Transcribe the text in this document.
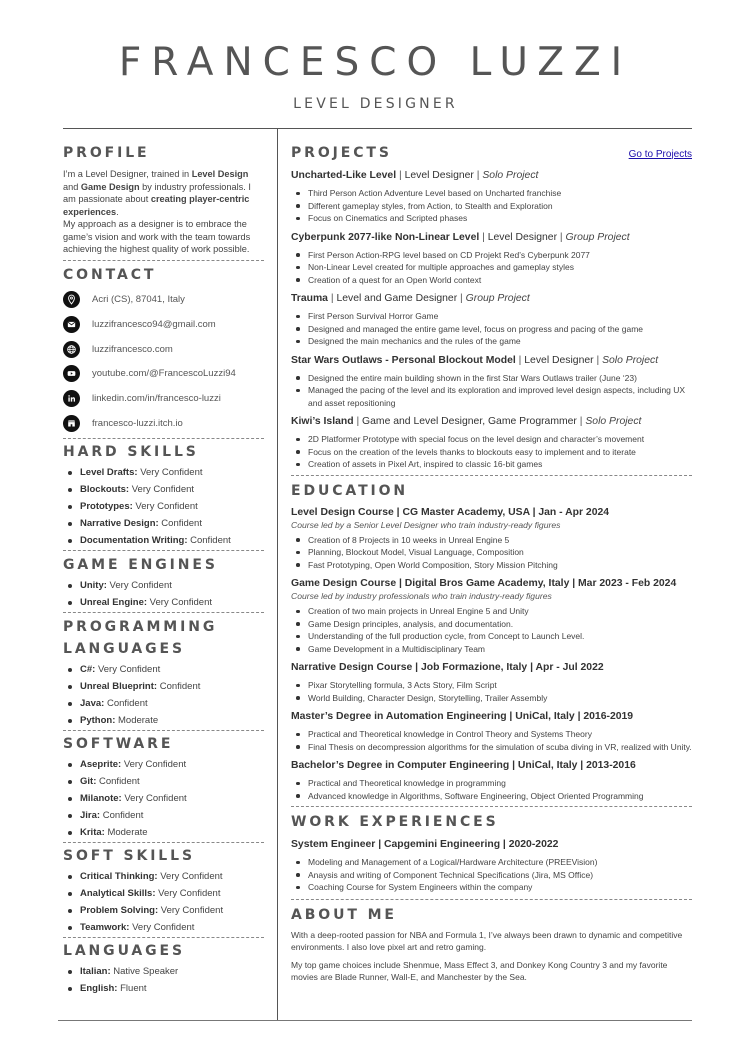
FRANCESCO LUZZI
LEVEL DESIGNER
PROFILE

I’m a Level Designer, trained in Level Design and Game Design by industry professionals. I am passionate about creating player-centric experiences.

My approach as a designer is to embrace the game’s vision and work with the team towards achieving the highest quality of work possible.

CONTACT
Acri (CS), 87041, Italy
luzzifrancesco94@gmail.com
luzzifrancesco.com
youtube.com/@FrancescoLuzzi94
linkedin.com/in/francesco-luzzi
francesco-luzzi.itch.io
HARD SKILLS
Level Drafts: Very Confident
Blockouts: Very Confident
Prototypes: Very Confident
Narrative Design: Confident
Documentation Writing: Confident
GAME ENGINES
Unity: Very Confident
Unreal Engine: Very Confident
PROGRAMMING
LANGUAGES
C#: Very Confident
Unreal Blueprint: Confident
Java: Confident
Python: Moderate
SOFTWARE
Aseprite: Very Confident
Git: Confident
Milanote: Very Confident
Jira: Confident
Krita: Moderate
SOFT SKILLS
Critical Thinking: Very Confident
Analytical Skills: Very Confident
Problem Solving: Very Confident
Teamwork: Very Confident
LANGUAGES
Italian: Native Speaker
English: Fluent
PROJECTS	Go to Projects
Uncharted-Like Level | Level Designer | Solo Project
Third Person Action Adventure Level based on Uncharted franchise
Different gameplay styles, from Action, to Stealth and Exploration
Focus on Cinematics and Scripted phases
Cyberpunk 2077-like Non-Linear Level | Level Designer | Group Project
First Person Action-RPG level based on CD Projekt Red’s Cyberpunk 2077
Non-Linear Level created for multiple approaches and gameplay styles
Creation of a quest for an Open World context
Trauma | Level and Game Designer | Group Project
First Person Survival Horror Game
Designed and managed the entire game level, focus on progress and pacing of the game
Designed the main mechanics and the rules of the game
Star Wars Outlaws - Personal Blockout Model | Level Designer | Solo Project
Designed the entire main building shown in the first Star Wars Outlaws trailer (June ‘23)
Managed the pacing of the level and its exploration and improved level design aspects, including UX and asset repositioning
Kiwi’s Island | Game and Level Designer, Game Programmer | Solo Project
2D Platformer Prototype with special focus on the level design and character’s movement
Focus on the creation of the levels thanks to blockouts easy to implement and to iterate
Creation of assets in Pixel Art, inspired to classic 16-bit games
EDUCATION
Level Design Course | CG Master Academy, USA | Jan - Apr 2024

Course led by a Senior Level Designer who train industry-ready figures

Creation of 8 Projects in 10 weeks in Unreal Engine 5
Planning, Blockout Model, Visual Language, Composition
Fast Prototyping, Open World Composition, Story Mission Pitching
Game Design Course | Digital Bros Game Academy, Italy | Mar 2023 - Feb 2024

Course led by industry professionals who train industry-ready figures

Creation of two main projects in Unreal Engine 5 and Unity
Game Design principles, analysis, and documentation.
Understanding of the full production cycle, from Concept to Launch Level.
Game Development in a Multidisciplinary Team
Narrative Design Course | Job Formazione, Italy | Apr - Jul 2022
Pixar Storytelling formula, 3 Acts Story, Film Script
World Building, Character Design, Storytelling, Trailer Assembly
Master’s Degree in Automation Engineering | UniCal, Italy | 2016-2019
Practical and Theoretical knowledge in Control Theory and Systems Theory
Final Thesis on decompression algorithms for the simulation of scuba diving in VR, realized with Unity.
Bachelor’s Degree in Computer Engineering | UniCal, Italy | 2013-2016
Practical and Theoretical knowledge in programming
Advanced knowledge in Algorithms, Software Engineering, Object Oriented Programming
WORK EXPERIENCES
System Engineer | Capgemini Engineering | 2020-2022
Modeling and Management of a Logical/Hardware Architecture (PREEVision)
Anaysis and writing of Component Technical Specifications (Jira, MS Office)
Coaching Course for System Engineers within the company
ABOUT ME

With a deep-rooted passion for NBA and Formula 1, I’ve always been drawn to dynamic and competitive environments. I also love pixel art and retro gaming.

My top game choices include Shenmue, Mass Effect 3, and Donkey Kong Country 3 and my favorite movies are Blade Runner, Wall-E, and Manchester by the Sea.
